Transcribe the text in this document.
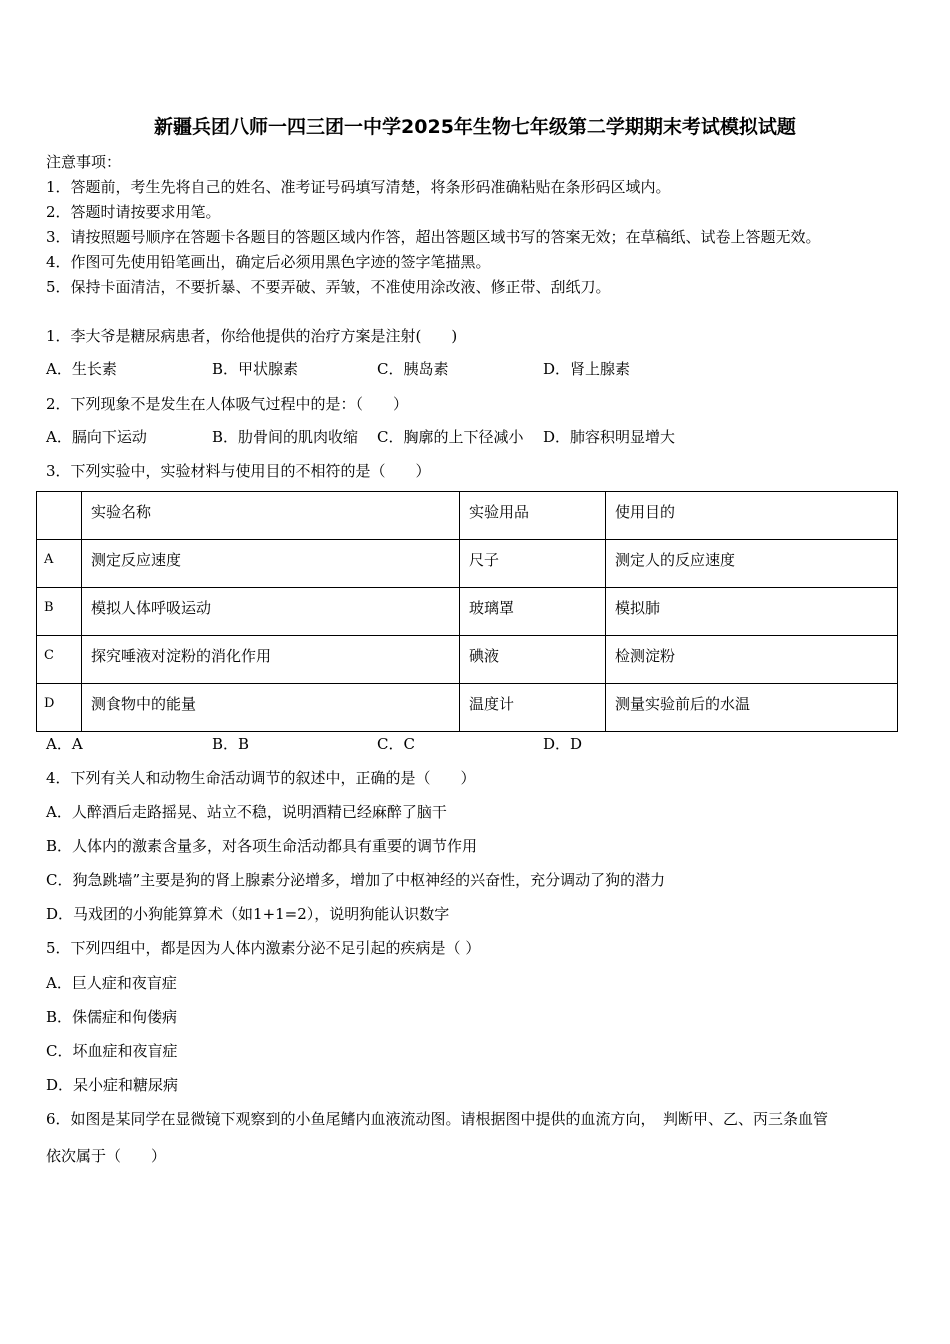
新疆兵团八师一四三团一中学2025年生物七年级第二学期期末考试模拟试题
注意事项：
1．答题前，考生先将自己的姓名、准考证号码填写清楚，将条形码准确粘贴在条形码区域内。
2．答题时请按要求用笔。
3．请按照题号顺序在答题卡各题目的答题区域内作答，超出答题区域书写的答案无效；在草稿纸、试卷上答题无效。
4．作图可先使用铅笔画出，确定后必须用黑色字迹的签字笔描黑。
5．保持卡面清洁，不要折暴、不要弄破、弄皱，不准使用涂改液、修正带、刮纸刀。
1．李大爷是糖尿病患者，你给他提供的治疗方案是注射(　　)
A．生长素	B．甲状腺素	C．胰岛素	D．肾上腺素
2．下列现象不是发生在人体吸气过程中的是：（　　）
A．膈向下运动	B．肋骨间的肌肉收缩 C．胸廓的上下径减小 D．肺容积明显增大
3．下列实验中，实验材料与使用目的不相符的是（　　）
	实验名称	实验用品	使用目的
A	测定反应速度	尺子	测定人的反应速度
B	模拟人体呼吸运动	玻璃罩	模拟肺
C	探究唾液对淀粉的消化作用	碘液	检测淀粉
D	测食物中的能量	温度计	测量实验前后的水温
A．A	B．B	C．C	D．D
4．下列有关人和动物生命活动调节的叙述中，正确的是（　　）
A．人醉酒后走路摇晃、站立不稳，说明酒精已经麻醉了脑干
B．人体内的激素含量多，对各项生命活动都具有重要的调节作用
C．狗急跳墙”主要是狗的肾上腺素分泌增多，增加了中枢神经的兴奋性，充分调动了狗的潜力
D．马戏团的小狗能算算术（如1+1=2），说明狗能认识数字
5．下列四组中，都是因为人体内激素分泌不足引起的疾病是（ ）
A．巨人症和夜盲症
B．侏儒症和佝偻病
C．坏血症和夜盲症
D．呆小症和糖尿病
6．如图是某同学在显微镜下观察到的小鱼尾鳍内血液流动图。请根据图中提供的血流方向，　判断甲、乙、丙三条血管
依次属于（　　）
